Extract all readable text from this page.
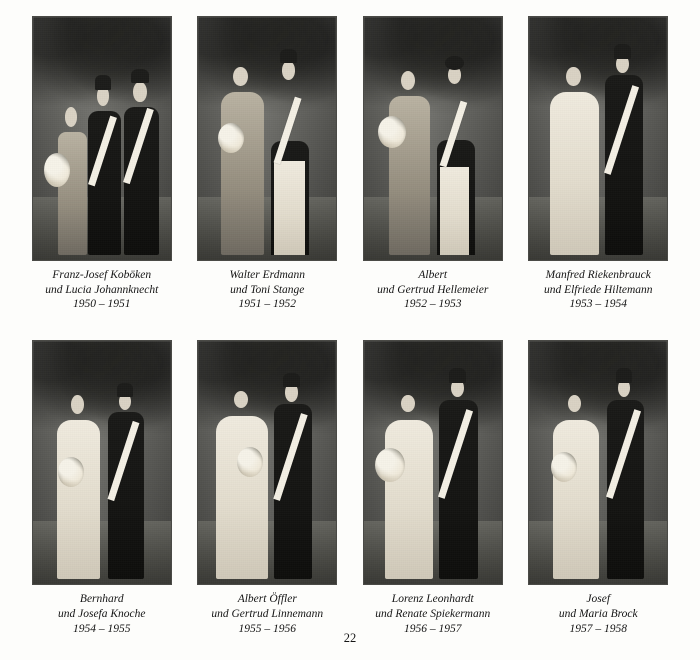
Franz-Josef Koböken
und Lucia Johannknecht
1950 – 1951
Walter Erdmann
und Toni Stange
1951 – 1952
Albert
und Gertrud Hellemeier
1952 – 1953
Manfred Riekenbrauck
und Elfriede Hiltemann
1953 – 1954
Bernhard
und Josefa Knoche
1954 – 1955
Albert Öffler
und Gertrud Linnemann
1955 – 1956
Lorenz Leonhardt
und Renate Spiekermann
1956 – 1957
Josef
und Maria Brock
1957 – 1958
22
